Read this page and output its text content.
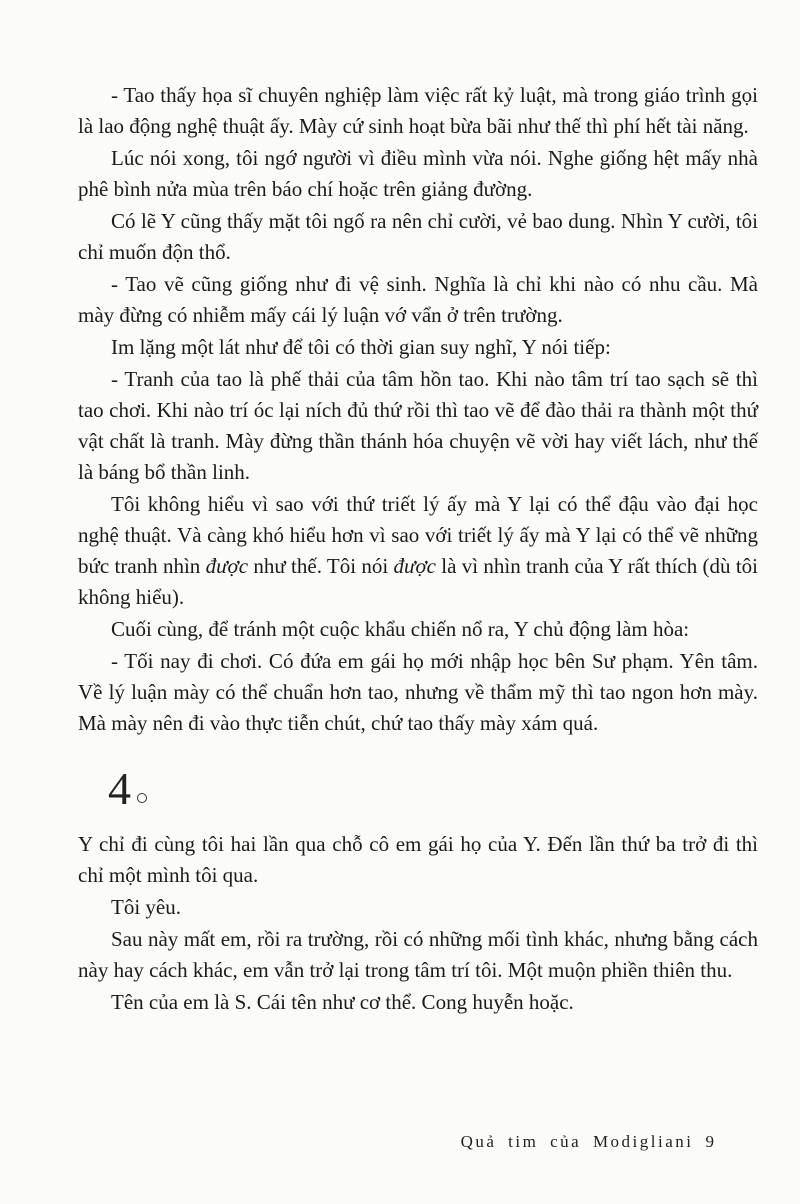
- Tao thấy họa sĩ chuyên nghiệp làm việc rất kỷ luật, mà trong giáo trình gọi là lao động nghệ thuật ấy. Mày cứ sinh hoạt bừa bãi như thế thì phí hết tài năng.

Lúc nói xong, tôi ngớ người vì điều mình vừa nói. Nghe giống hệt mấy nhà phê bình nửa mùa trên báo chí hoặc trên giảng đường.

Có lẽ Y cũng thấy mặt tôi ngố ra nên chỉ cười, vẻ bao dung. Nhìn Y cười, tôi chỉ muốn độn thổ.

- Tao vẽ cũng giống như đi vệ sinh. Nghĩa là chỉ khi nào có nhu cầu. Mà mày đừng có nhiễm mấy cái lý luận vớ vẩn ở trên trường.

Im lặng một lát như để tôi có thời gian suy nghĩ, Y nói tiếp:

- Tranh của tao là phế thải của tâm hồn tao. Khi nào tâm trí tao sạch sẽ thì tao chơi. Khi nào trí óc lại ních đủ thứ rồi thì tao vẽ để đào thải ra thành một thứ vật chất là tranh. Mày đừng thần thánh hóa chuyện vẽ vời hay viết lách, như thế là báng bổ thần linh.

Tôi không hiểu vì sao với thứ triết lý ấy mà Y lại có thể đậu vào đại học nghệ thuật. Và càng khó hiểu hơn vì sao với triết lý ấy mà Y lại có thể vẽ những bức tranh nhìn được như thế. Tôi nói được là vì nhìn tranh của Y rất thích (dù tôi không hiểu).

Cuối cùng, để tránh một cuộc khẩu chiến nổ ra, Y chủ động làm hòa:

- Tối nay đi chơi. Có đứa em gái họ mới nhập học bên Sư phạm. Yên tâm. Về lý luận mày có thể chuẩn hơn tao, nhưng về thẩm mỹ thì tao ngon hơn mày. Mà mày nên đi vào thực tiễn chút, chứ tao thấy mày xám quá.

4

Y chỉ đi cùng tôi hai lần qua chỗ cô em gái họ của Y. Đến lần thứ ba trở đi thì chỉ một mình tôi qua.

Tôi yêu.

Sau này mất em, rồi ra trường, rồi có những mối tình khác, nhưng bằng cách này hay cách khác, em vẫn trở lại trong tâm trí tôi. Một muộn phiền thiên thu.

Tên của em là S. Cái tên như cơ thể. Cong huyễn hoặc.

Quả tim của Modigliani 9
